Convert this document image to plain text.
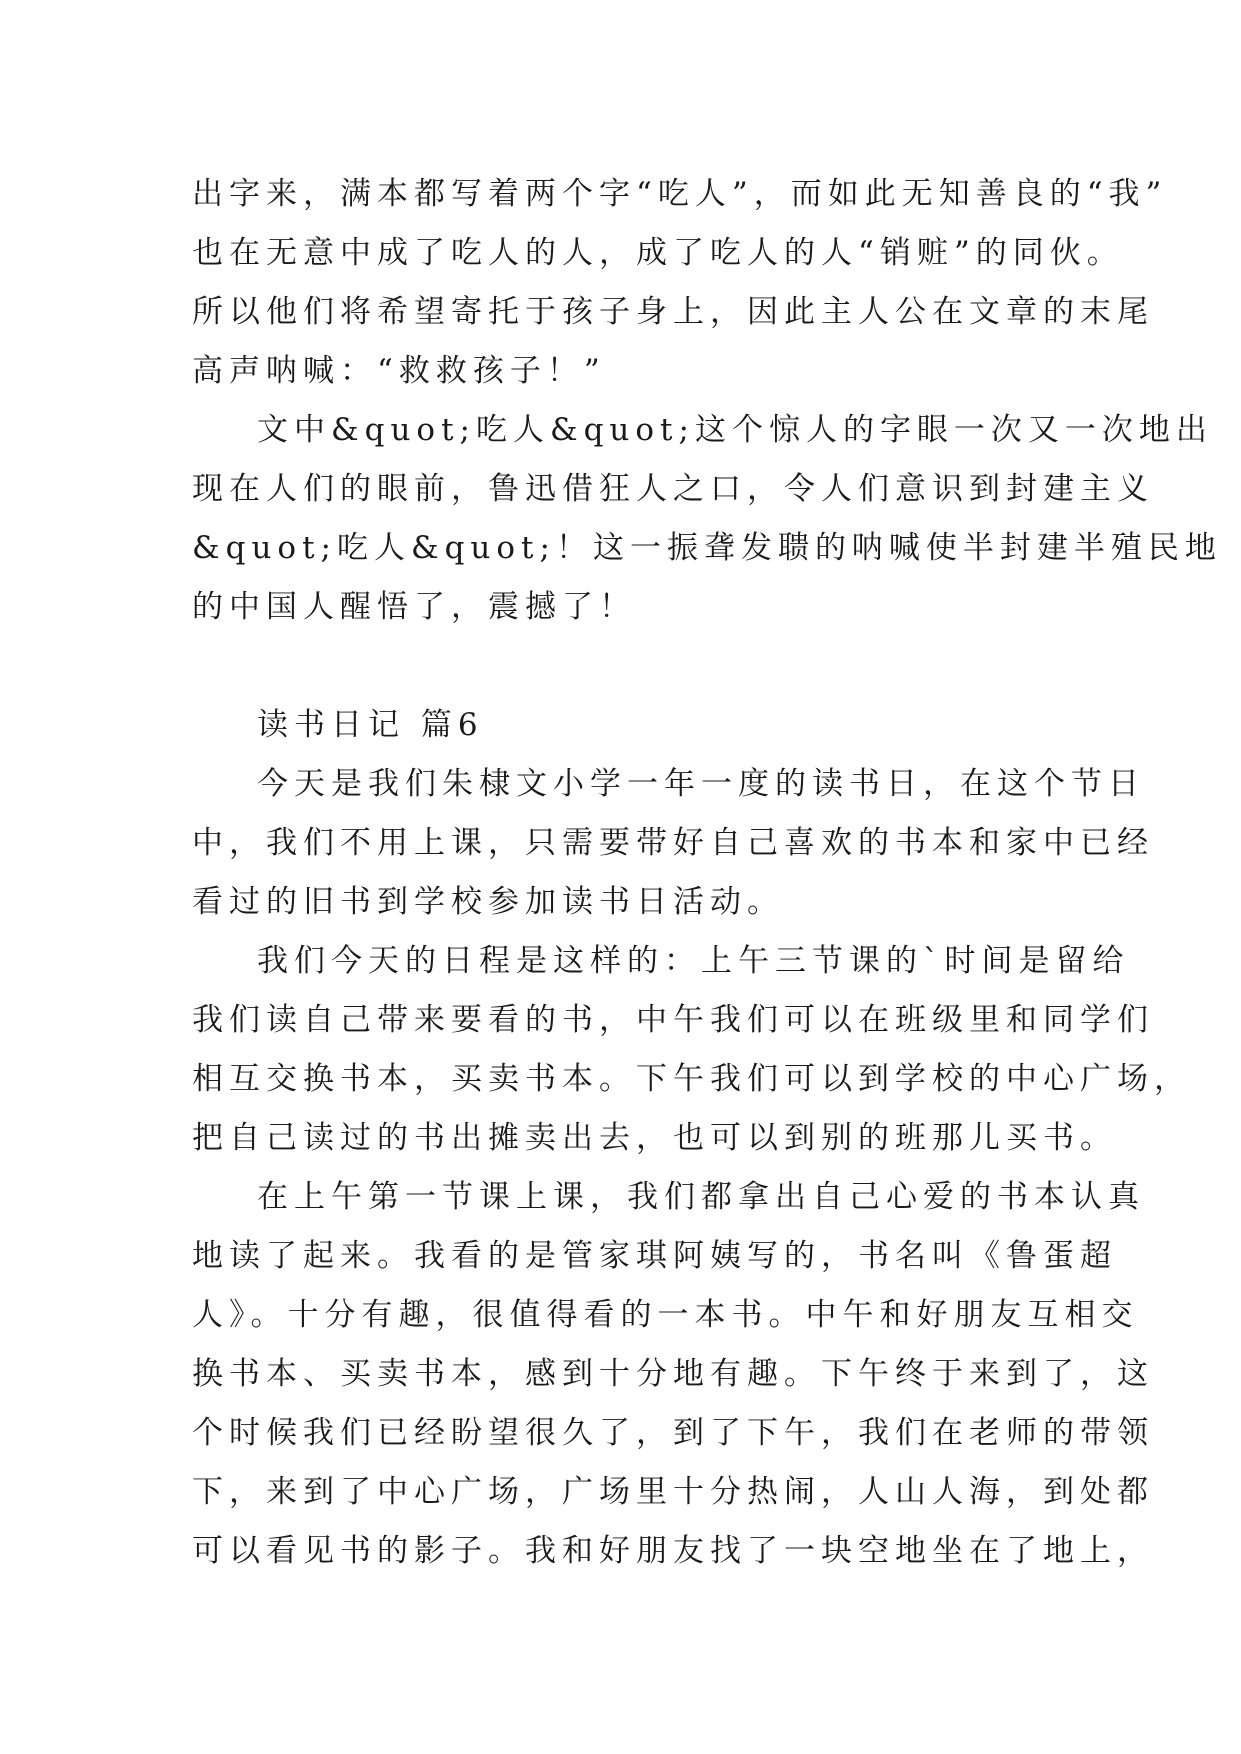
出字来，满本都写着两个字“吃人”，而如此无知善良的“我”
也在无意中成了吃人的人，成了吃人的人“销赃”的同伙。
所以他们将希望寄托于孩子身上，因此主人公在文章的末尾
高声呐喊：“救救孩子！”
文中&quot;吃人&quot;这个惊人的字眼一次又一次地出
现在人们的眼前，鲁迅借狂人之口，令人们意识到封建主义
&quot;吃人&quot;！这一振聋发聩的呐喊使半封建半殖民地
的中国人醒悟了，震撼了！
读书日记 篇6
今天是我们朱棣文小学一年一度的读书日，在这个节日
中，我们不用上课，只需要带好自己喜欢的书本和家中已经
看过的旧书到学校参加读书日活动。
我们今天的日程是这样的：上午三节课的`时间是留给
我们读自己带来要看的书，中午我们可以在班级里和同学们
相互交换书本，买卖书本。下午我们可以到学校的中心广场，
把自己读过的书出摊卖出去，也可以到别的班那儿买书。
在上午第一节课上课，我们都拿出自己心爱的书本认真
地读了起来。我看的是管家琪阿姨写的，书名叫《鲁蛋超
人》。十分有趣，很值得看的一本书。中午和好朋友互相交
换书本、买卖书本，感到十分地有趣。下午终于来到了，这
个时候我们已经盼望很久了，到了下午，我们在老师的带领
下，来到了中心广场，广场里十分热闹，人山人海，到处都
可以看见书的影子。我和好朋友找了一块空地坐在了地上，
